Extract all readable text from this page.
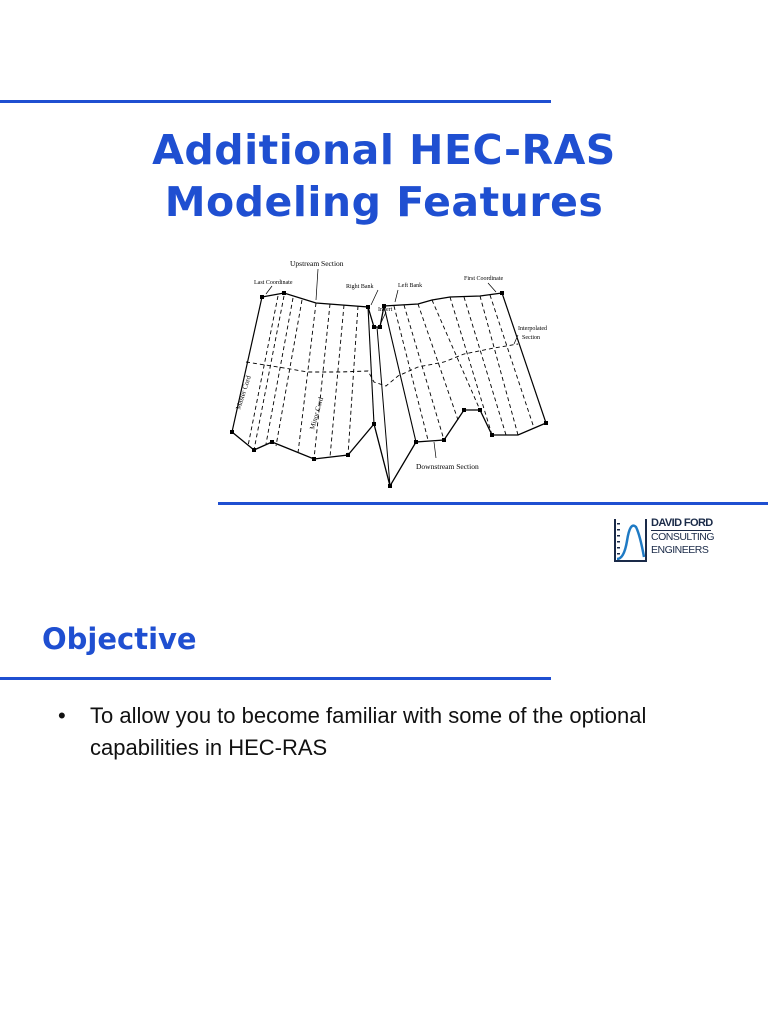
Additional HEC-RAS
Modeling Features
Upstream Section
Last Coordinate
Right Bank	Left Bank
First Coordinate
Invert
Interpolated
Section
Master Cord
Minor Cord
Downstream Section
DAVID FORD
CONSULTING
ENGINEERS
Objective
• To allow you to become familiar with some of the optional capabilities in HEC-RAS
